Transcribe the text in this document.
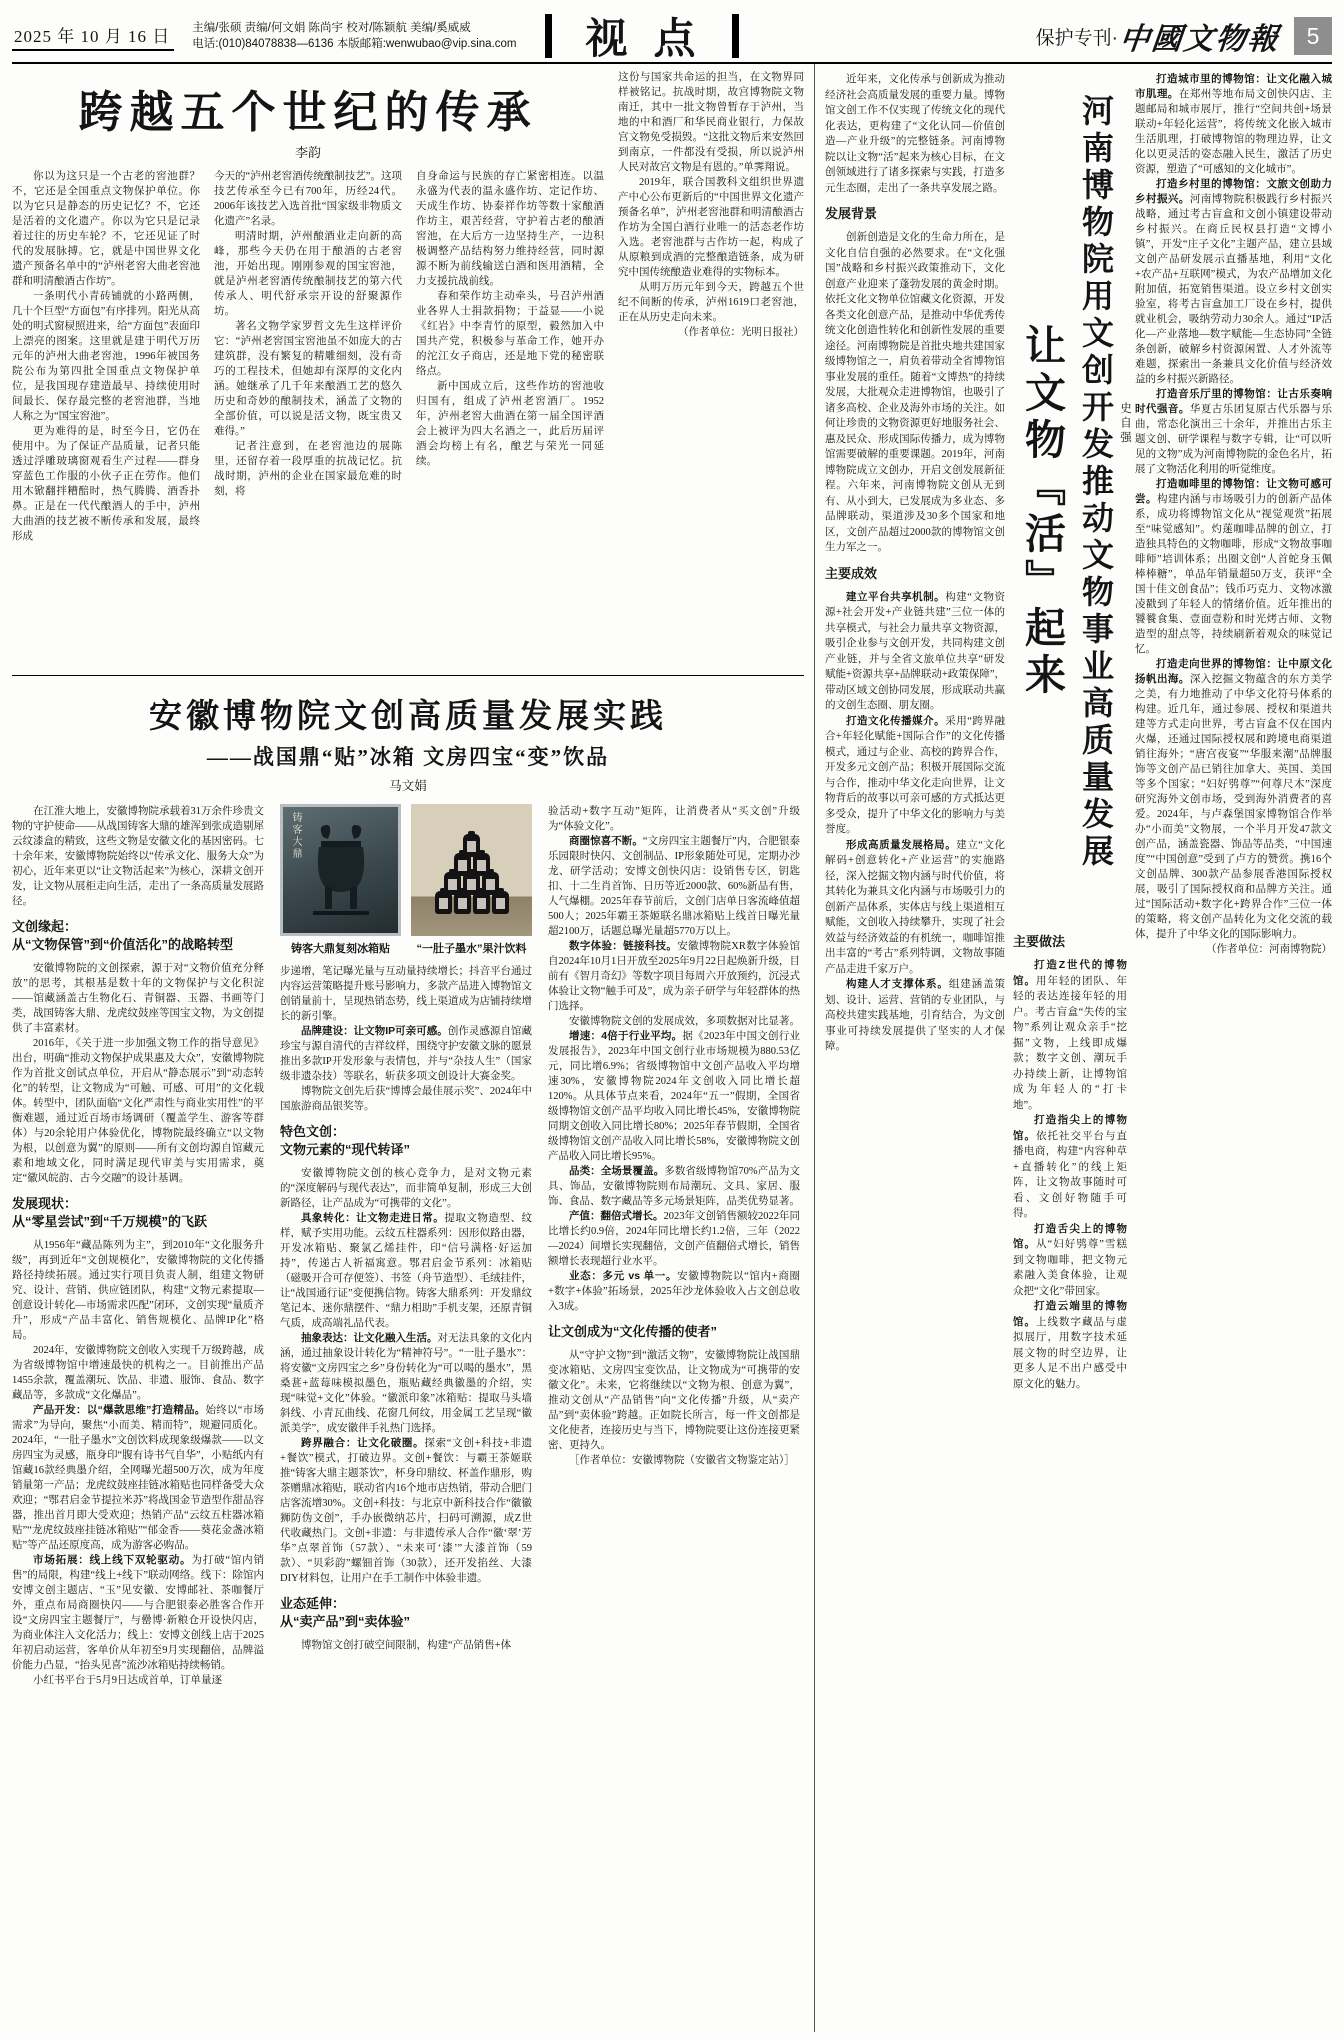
2025 年 10 月 16 日	主编/张硕 责编/何文娟 陈尚宇 校对/陈颖航 美编/奚威威
电话:(010)84078838—6136 本版邮箱:wenwubao@vip.sina.com	视点	保护专刊· 中國文物報	5
跨越五个世纪的传承
李韵

你以为这只是一个古老的窖池群？不，它还是全国重点文物保护单位。你以为它只是静态的历史记忆？不，它还是活着的文化遗产。你以为它只是记录着过往的历史车轮？不，它还见证了时代的发展脉搏。它，就是中国世界文化遗产预备名单中的“泸州老窖大曲老窖池群和明清酿酒古作坊”。

一条明代小青砖铺就的小路两侧，几十个巨型“方面包”有序排列。阳光从高处的明式窗棂照进来，给“方面包”表面印上漂亮的图案。这里就是建于明代万历元年的泸州大曲老窖池，1996年被国务院公布为第四批全国重点文物保护单位，是我国现存建造最早、持续使用时间最长、保存最完整的老窖池群，当地人称之为“国宝窖池”。

更为难得的是，时至今日，它仍在使用中。为了保证产品质量，记者只能透过浮雕玻璃窗观看生产过程——群身穿蓝色工作服的小伙子正在劳作。他们用木锨翻拌糟醅时，热气腾腾、酒香扑鼻。正是在一代代酿酒人的手中，泸州大曲酒的技艺被不断传承和发展，最终形成

今天的“泸州老窖酒传统酿制技艺”。这项技艺传承至今已有700年，历经24代。2006年该技艺入选首批“国家级非物质文化遗产”名录。

明清时期，泸州酿酒业走向新的高峰，那些今天仍在用于酿酒的古老窖池，开始出现。刚刚参观的国宝窖池，就是泸州老窖酒传统酿制技艺的第六代传承人、明代舒承宗开设的舒聚源作坊。

著名文物学家罗哲文先生这样评价它：“泸州老窖国宝窖池虽不如庞大的古建筑群，没有繁复的精雕细刻，没有奇巧的工程技术，但她却有深厚的文化内涵。她继承了几千年来酿酒工艺的悠久历史和奇妙的酿制技术，涵盖了文物的全部价值，可以说是活文物，既宝贵又难得。”

记者注意到，在老窖池边的展陈里，还留存着一段厚重的抗战记忆。抗战时期，泸州的企业在国家最危难的时刻，将

自身命运与民族的存亡紧密相连。以温永盛为代表的温永盛作坊、定记作坊、天成生作坊、协泰祥作坊等数十家酿酒作坊主，艰苦经营，守护着古老的酿酒窖池，在大后方一边坚持生产，一边积极调整产品结构努力维持经营，同时源源不断为前线输送白酒和医用酒精，全力支援抗战前线。

春和荣作坊主动牵头，号召泸州酒业各界人士捐款捐物；于益显——小说《红岩》中李青竹的原型，毅然加入中国共产党，积极参与革命工作，她开办的沱江女子商店，还是地下党的秘密联络点。

新中国成立后，这些作坊的窖池收归国有，组成了泸州老窖酒厂。1952年，泸州老窖大曲酒在第一届全国评酒会上被评为四大名酒之一，此后历届评酒会均榜上有名，酿艺与荣光一同延续。

这份与国家共命运的担当，在文物界同样被铭记。抗战时期，故宫博物院文物南迁，其中一批文物曾暂存于泸州，当地的中和酒厂和华民商业银行，力保故宫文物免受损毁。“这批文物后来安然回到南京，一件都没有受损，所以说泸州人民对故宫文物是有恩的。”单霁翔说。

2019年，联合国教科文组织世界遗产中心公布更新后的“中国世界文化遗产预备名单”，泸州老窖池群和明清酿酒古作坊为全国白酒行业唯一的活态老作坊入选。老窖池群与古作坊一起，构成了从原粮到成酒的完整酿造链条，成为研究中国传统酿造业难得的实物标本。

从明万历元年到今天，跨越五个世纪不间断的传承，泸州1619口老窖池，正在从历史走向未来。

（作者单位：光明日报社）

安徽博物院文创高质量发展实践
——战国鼎“贴”冰箱 文房四宝“变”饮品
马文娟

在江淮大地上，安徽博物院承载着31万余件珍贵文物的守护使命——从战国铸客大鼎的雄浑到张成造剔犀云纹漆盒的精致，这些文物是安徽文化的基因密码。七十余年来，安徽博物院始终以“传承文化、服务大众”为初心，近年来更以“让文物活起来”为核心，深耕文创开发，让文物从展柜走向生活，走出了一条高质量发展路径。

文创缘起：
从“文物保管”到“价值活化”的战略转型

安徽博物院的文创探索，源于对“文物价值充分释放”的思考，其根基是数十年的文物保护与文化积淀——馆藏涵盖古生物化石、青铜器、玉器、书画等门类，战国铸客大鼎、龙虎纹鼓座等国宝文物，为文创提供了丰富素材。

2016年，《关于进一步加强文物工作的指导意见》出台，明确“推动文物保护成果惠及大众”，安徽博物院作为首批文创试点单位，开启从“静态展示”到“动态转化”的转型，让文物成为“可触、可感、可用”的文化载体。转型中，团队面临“文化严肃性与商业实用性”的平衡难题，通过近百场市场调研（覆盖学生、游客等群体）与20余轮用户体验优化，博物院最终确立“以文物为根，以创意为翼”的原则——所有文创均源自馆藏元素和地域文化，同时满足现代审美与实用需求，奠定“徽风皖韵、古今交融”的设计基调。

发展现状：
从“零星尝试”到“千万规模”的飞跃

从1956年“藏品陈列为主”，到2010年“文化服务升级”，再到近年“文创规模化”，安徽博物院的文化传播路径持续拓展。通过实行项目负责人制，组建文物研究、设计、营销、供应链团队，构建“文物元素提取—创意设计转化—市场需求匹配”闭环，文创实现“量质齐升”，形成“产品丰富化、销售规模化、品牌IP化”格局。

2024年，安徽博物院文创收入实现千万级跨越，成为省级博物馆中增速最快的机构之一。目前推出产品1455余款，覆盖潮玩、饮品、非遗、服饰、食品、数字藏品等，多款成“文化爆品”。

产品开发：以“爆款思维”打造精品。始终以“市场需求”为导向，聚焦“小而美、精而特”，规避同质化。2024年，“一肚子墨水”文创饮料成现象级爆款——以文房四宝为灵感，瓶身印“腹有诗书气自华”，小贴纸内有馆藏16款经典墨介绍，全网曝光超500万次，成为年度销量第一产品；龙虎纹鼓座挂链冰箱贴也同样备受大众欢迎；“鄂君启金节提拉米苏”将战国金节造型作甜品容器，推出首月即大受欢迎；热销产品“云纹五柱器冰箱贴”“龙虎纹鼓座挂链冰箱贴”“郁金香——葵花金盏冰箱贴”等产品还原度高，成为游客必购品。

市场拓展：线上线下双轮驱动。为打破“馆内销售”的局限，构建“线上+线下”联动网络。线下：除馆内安博文创主题店、“玉”见安徽、安博邮社、茶咖餐厅外，重点布局商圈快闪——与合肥银泰必胜客合作开设“文房四宝主题餐厅”，与罍博·新粮仓开设快闪店，为商业体注入文化活力；线上：安博文创线上店于2025年初启动运营，客单价从年初至9月实现翻倍，品牌溢价能力凸显，“抬头见喜”流沙冰箱贴持续畅销。

小红书平台于5月9日达成首单，订单量逐

铸客大鼎
铸客大鼎复刻冰箱贴	“一肚子墨水”果汁饮料

步递增，笔记曝光量与互动量持续增长；抖音平台通过内容运营策略提升账号影响力，多款产品进入博物馆文创销量前十，呈现热销态势，线上渠道成为店铺持续增长的新引擎。

品牌建设：让文物IP可亲可感。创作灵感源自馆藏珍宝与源自清代的吉祥纹样，围绕守护安徽文脉的愿景推出多款IP开发形象与表情包，并与“杂技人生”（国家级非遗杂技）等联名，斩获多项文创设计大赛金奖。

博物院文创先后获“博博会最佳展示奖”、2024年中国旅游商品银奖等。

特色文创：
文物元素的“现代转译”

安徽博物院文创的核心竞争力，是对文物元素的“深度解码与现代表达”，而非简单复制，形成三大创新路径，让产品成为“可携带的文化”。

具象转化：让文物走进日常。提取文物造型、纹样，赋予实用功能。云纹五柱器系列：因形似路由器，开发冰箱贴、聚氯乙烯挂件，印“信号满格·好运加持”，传递古人祈福寓意。鄂君启金节系列：冰箱贴（磁吸开合可存便签）、书签（舟节造型）、毛绒挂件，让“战国通行证”变便携信物。铸客大鼎系列：开发鼎纹笔记本、迷你鼎摆件、“鼎力相助”手机支架，还原青铜气质，成高端礼品代表。

抽象表达：让文化融入生活。对无法具象的文化内涵，通过抽象设计转化为“精神符号”。“一肚子墨水”：将安徽“文房四宝之乡”身份转化为“可以喝的墨水”，黑桑葚+蓝莓味模拟墨色，瓶贴藏经典徽墨的介绍，实现“味觉+文化”体验。“徽派印象”冰箱贴：提取马头墙斜线、小青瓦曲线、花窗几何纹，用金属工艺呈现“徽派美学”，成安徽伴手礼热门选择。

跨界融合：让文化破圈。探索“文创+科技+非遗+餐饮”模式，打破边界。文创+餐饮：与霸王茶姬联推“铸客大鼎主题茶饮”，杯身印鼎纹、杯盖作鼎形，购茶赠鼎冰箱贴，联动省内16个地市店热销，带动合肥门店客流增30%。文创+科技：与北京中新科技合作“徽徽狮防伪文创”，手办嵌微纳芯片，扫码可溯源，成Z世代收藏热门。文创+非遗：与非遗传承人合作“徽‘翠’芳华”点翠首饰（57款）、“未来可‘漆’”大漆首饰（59款）、“贝彩韵”螺钿首饰（30款），还开发掐丝、大漆DIY材料包，让用户在手工制作中体验非遗。

业态延伸：
从“卖产品”到“卖体验”

博物馆文创打破空间限制，构建“产品销售+体

验活动+数字互动”矩阵，让消费者从“买文创”升级为“体验文化”。

商圈惊喜不断。“文房四宝主题餐厅”内，合肥银泰乐园限时快闪、文创制品、IP形象随处可见，定期办沙龙、研学活动；安博文创快闪店：设销售专区，钥匙扣、十二生肖首饰、日历等近2000款、60%新品有售，人气爆棚。2025年春节前后，文创门店单日客流峰值超500人；2025年霸王茶姬联名鼎冰箱贴上线首日曝光量超2100万，话题总曝光量超5770万以上。

数字体验：链接科技。安徽博物院XR数字体验馆自2024年10月1日开放至2025年9月22日起焕新升级，目前有《智月奇幻》等数字项目每周六开放预约，沉浸式体验让文物“触手可及”，成为亲子研学与年轻群体的热门选择。

安徽博物院文创的发展成效，多项数据对比显著。

增速：4倍于行业平均。据《2023年中国文创行业发展报告》，2023年中国文创行业市场规模为880.53亿元，同比增6.9%；省级博物馆中文创产品收入平均增速30%，安徽博物院2024年文创收入同比增长超120%。从具体节点来看，2024年“五一”假期，全国省级博物馆文创产品平均收入同比增长45%，安徽博物院同期文创收入同比增长80%；2025年春节假期，全国省级博物馆文创产品收入同比增长58%，安徽博物院文创产品收入同比增长95%。

品类：全场景覆盖。多数省级博物馆70%产品为文具、饰品，安徽博物院则布局潮玩、文具、家居、服饰、食品、数字藏品等多元场景矩阵，品类优势显著。

产值：翻倍式增长。2023年文创销售额较2022年同比增长约0.9倍，2024年同比增长约1.2倍，三年（2022—2024）间增长实现翻倍，文创产值翻倍式增长，销售额增长表现超行业水平。

业态：多元 vs 单一。安徽博物院以“馆内+商圈+数字+体验”拓场景，2025年沙龙体验收入占文创总收入3成。

让文创成为“文化传播的使者”

从“守护文物”到“激活文物”，安徽博物院让战国鼎变冰箱贴、文房四宝变饮品，让文物成为“可携带的安徽文化”。未来，它将继续以“文物为根、创意为翼”，推动文创从“产品销售”向“文化传播”升级，从“卖产品”到“卖体验”跨越。正如院长所言，每一件文创都是文化使者，连接历史与当下，博物院要让这份连接更紧密、更持久。

［作者单位：安徽博物院（安徽省文物鉴定站）］

近年来，文化传承与创新成为推动经济社会高质量发展的重要力量。博物馆文创工作不仅实现了传统文化的现代化表达，更构建了“文化认同—价值创造—产业升级”的完整链条。河南博物院以让文物“活”起来为核心目标，在文创领域进行了诸多探索与实践，打造多元生态圈，走出了一条共享发展之路。

发展背景

创新创造是文化的生命力所在，是文化自信自强的必然要求。在“文化强国”战略和乡村振兴政策推动下，文化创意产业迎来了蓬勃发展的黄金时期。依托文化文物单位馆藏文化资源，开发各类文化创意产品，是推动中华优秀传统文化创造性转化和创新性发展的重要途径。河南博物院是首批央地共建国家级博物馆之一，肩负着带动全省博物馆事业发展的重任。随着“文博热”的持续发展，大批观众走进博物馆，也吸引了诸多高校、企业及海外市场的关注。如何让珍贵的文物资源更好地服务社会、惠及民众、形成国际传播力，成为博物馆需要破解的重要课题。2019年，河南博物院成立文创办，开启文创发展新征程。六年来，河南博物院文创从无到有、从小到大，已发展成为多业态、多品牌联动，渠道涉及30多个国家和地区，文创产品超过2000款的博物馆文创生力军之一。

主要成效

建立平台共享机制。构建“文物资源+社会开发+产业链共建”三位一体的共享模式，与社会力量共享文物资源，吸引企业参与文创开发，共同构建文创产业链，并与全省文旅单位共享“研发赋能+资源共享+品牌联动+政策保障”，带动区域文创协同发展，形成联动共赢的文创生态圈、朋友圈。

打造文化传播媒介。采用“跨界融合+年轻化赋能+国际合作”的文化传播模式，通过与企业、高校的跨界合作，开发多元文创产品；积极开展国际交流与合作，推动中华文化走向世界，让文物背后的故事以可亲可感的方式抵达更多受众，提升了中华文化的影响力与美誉度。

形成高质量发展格局。建立“文化解码+创意转化+产业运营”的实施路径，深入挖掘文物内涵与时代价值，将其转化为兼具文化内涵与市场吸引力的创新产品体系，实体店与线上渠道相互赋能，文创收入持续攀升，实现了社会效益与经济效益的有机统一，咖啡馆推出丰富的“考古”系列特调，文物故事随产品走进千家万户。

构建人才支撑体系。组建涵盖策划、设计、运营、营销的专业团队，与高校共建实践基地，引育结合，为文创事业可持续发展提供了坚实的人才保障。

河南博物院用文创开发推动文物事业高质量发展
让文物『活』起来	史自强
主要做法

打造Z世代的博物馆。用年轻的团队、年轻的表达连接年轻的用户。考古盲盒“失传的宝物”系列让观众亲手“挖掘”文物，上线即成爆款；数字文创、潮玩手办持续上新，让博物馆成为年轻人的“打卡地”。

打造指尖上的博物馆。依托社交平台与直播电商，构建“内容种草+直播转化”的线上矩阵，让文物故事随时可看、文创好物随手可得。

打造舌尖上的博物馆。从“妇好鸮尊”雪糕到文物咖啡，把文物元素融入美食体验，让观众把“文化”带回家。

打造云端里的博物馆。上线数字藏品与虚拟展厅，用数字技术延展文物的时空边界，让更多人足不出户感受中原文化的魅力。

打造城市里的博物馆：让文化融入城市肌理。在郑州等地布局文创快闪店、主题邮局和城市展厅，推行“空间共创+场景联动+年轻化运营”，将传统文化嵌入城市生活肌理，打破博物馆的物理边界，让文化以更灵活的姿态融入民生，激活了历史资源，塑造了“可感知的文化城市”。

打造乡村里的博物馆：文旅文创助力乡村振兴。河南博物院积极践行乡村振兴战略，通过考古盲盒和文创小镇建设带动乡村振兴。在商丘民权县打造“文博小镇”，开发“庄子文化”主题产品，建立县域文创产品研发展示直播基地，利用“文化+农产品+互联网”模式，为农产品增加文化附加值，拓宽销售渠道。设立乡村文创实验室，将考古盲盒加工厂设在乡村，提供就业机会，吸纳劳动力30余人。通过“IP活化—产业落地—数字赋能—生态协同”全链条创新，破解乡村资源闲置、人才外流等难题，探索出一条兼具文化价值与经济效益的乡村振兴新路径。

打造音乐厅里的博物馆：让古乐奏响时代强音。华夏古乐团复原古代乐器与乐曲，常态化演出三十余年，并推出古乐主题文创、研学课程与数字专辑，让“可以听见的文物”成为河南博物院的金色名片，拓展了文物活化利用的听觉维度。

打造咖啡里的博物馆：让文物可感可尝。构建内涵与市场吸引力的创新产品体系，成功将博物馆文化从“视觉观赏”拓展至“味觉感知”。灼蒾咖啡品牌的创立，打造独具特色的文物咖啡，形成“文物故事咖啡师”培训体系；出圈文创“人首蛇身玉佩棒棒糖”，单品年销量超50万支，获评“全国十佳文创食品”；钱币巧克力、文物冰激凌戳到了年轻人的情绪价值。近年推出的饕餮食集、壹面壹粉和时光烤古师、文物造型的甜点等，持续刷新着观众的味觉记忆。

打造走向世界的博物馆：让中原文化扬帆出海。深入挖掘文物蕴含的东方美学之美，有力地推动了中华文化符号体系的构建。近几年，通过参展、授权和渠道共建等方式走向世界，考古盲盒不仅在国内火爆，还通过国际授权展和跨境电商渠道销往海外；“唐宫夜宴”“华服来潮”品牌服饰等文创产品已销往加拿大、英国、美国等多个国家；“妇好鸮尊”“何尊尺木”深度研究海外文创市场，受到海外消费者的喜爱。2024年，与卢森堡国家博物馆合作举办“小而美”文物展，一个半月开发47款文创产品，涵盖瓷器、饰品等品类，“中国速度”“中国创意”受到了卢方的赞赏。携16个文创品牌、300款产品参展香港国际授权展，吸引了国际授权商和品牌方关注。通过“国际活动+数字化+跨界合作”三位一体的策略，将文创产品转化为文化交流的载体，提升了中华文化的国际影响力。

（作者单位：河南博物院）
